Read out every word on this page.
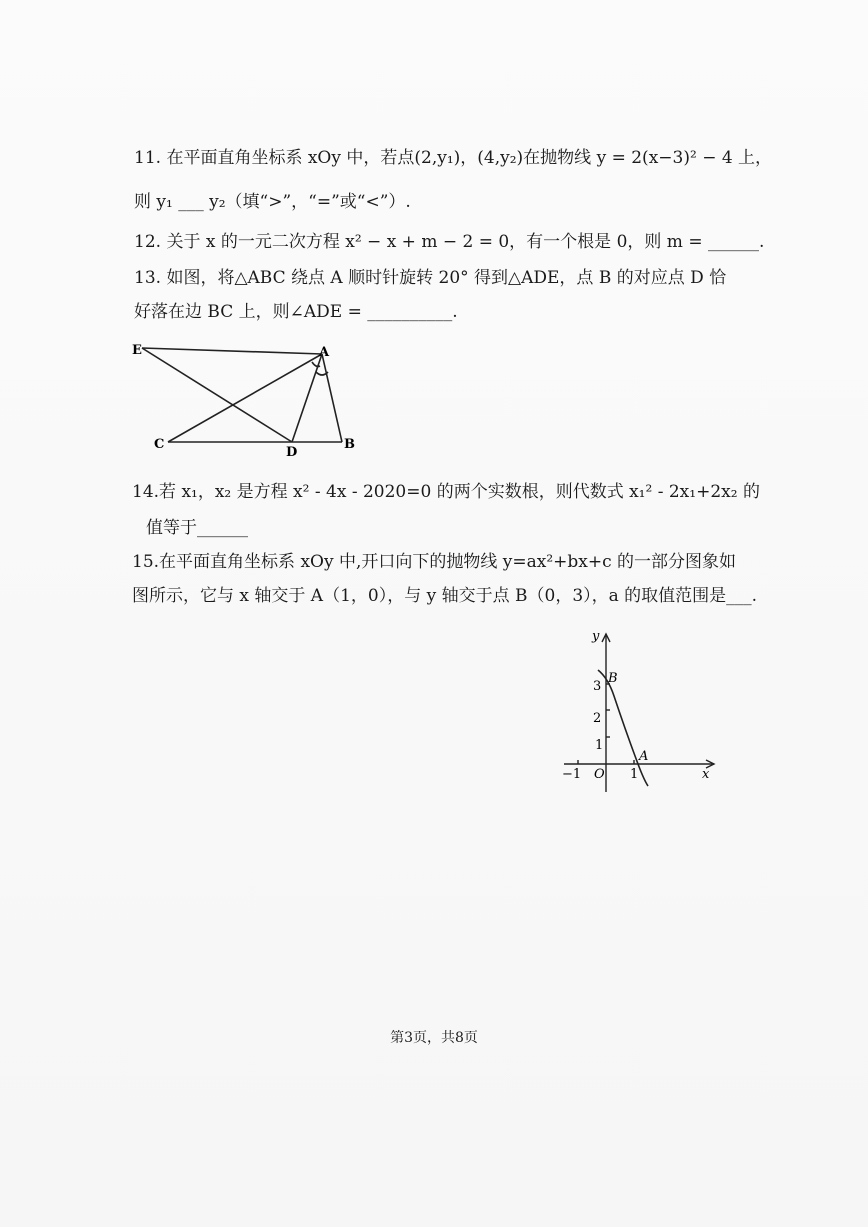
11. 在平面直角坐标系 xOy 中，若点(2,y₁)，(4,y₂)在抛物线 y = 2(x−3)² − 4 上，
则 y₁ ___ y₂（填“>”，“=”或“<”）.
12. 关于 x 的一元二次方程 x² − x + m − 2 = 0，有一个根是 0，则 m = ______.
13. 如图，将△ABC 绕点 A 顺时针旋转 20° 得到△ADE，点 B 的对应点 D 恰
好落在边 BC 上，则∠ADE = __________.
E	A
C
D
B
14.若 x₁，x₂ 是方程 x² - 4x - 2020=0 的两个实数根，则代数式 x₁² - 2x₁+2x₂ 的
值等于______
15.在平面直角坐标系 xOy 中,开口向下的抛物线 y=ax²+bx+c 的一部分图象如
图所示，它与 x 轴交于 A（1，0），与 y 轴交于点 B（0，3），a 的取值范围是___.
y
x
B
A
O
3
2
1
1
−1
第3页，共8页
